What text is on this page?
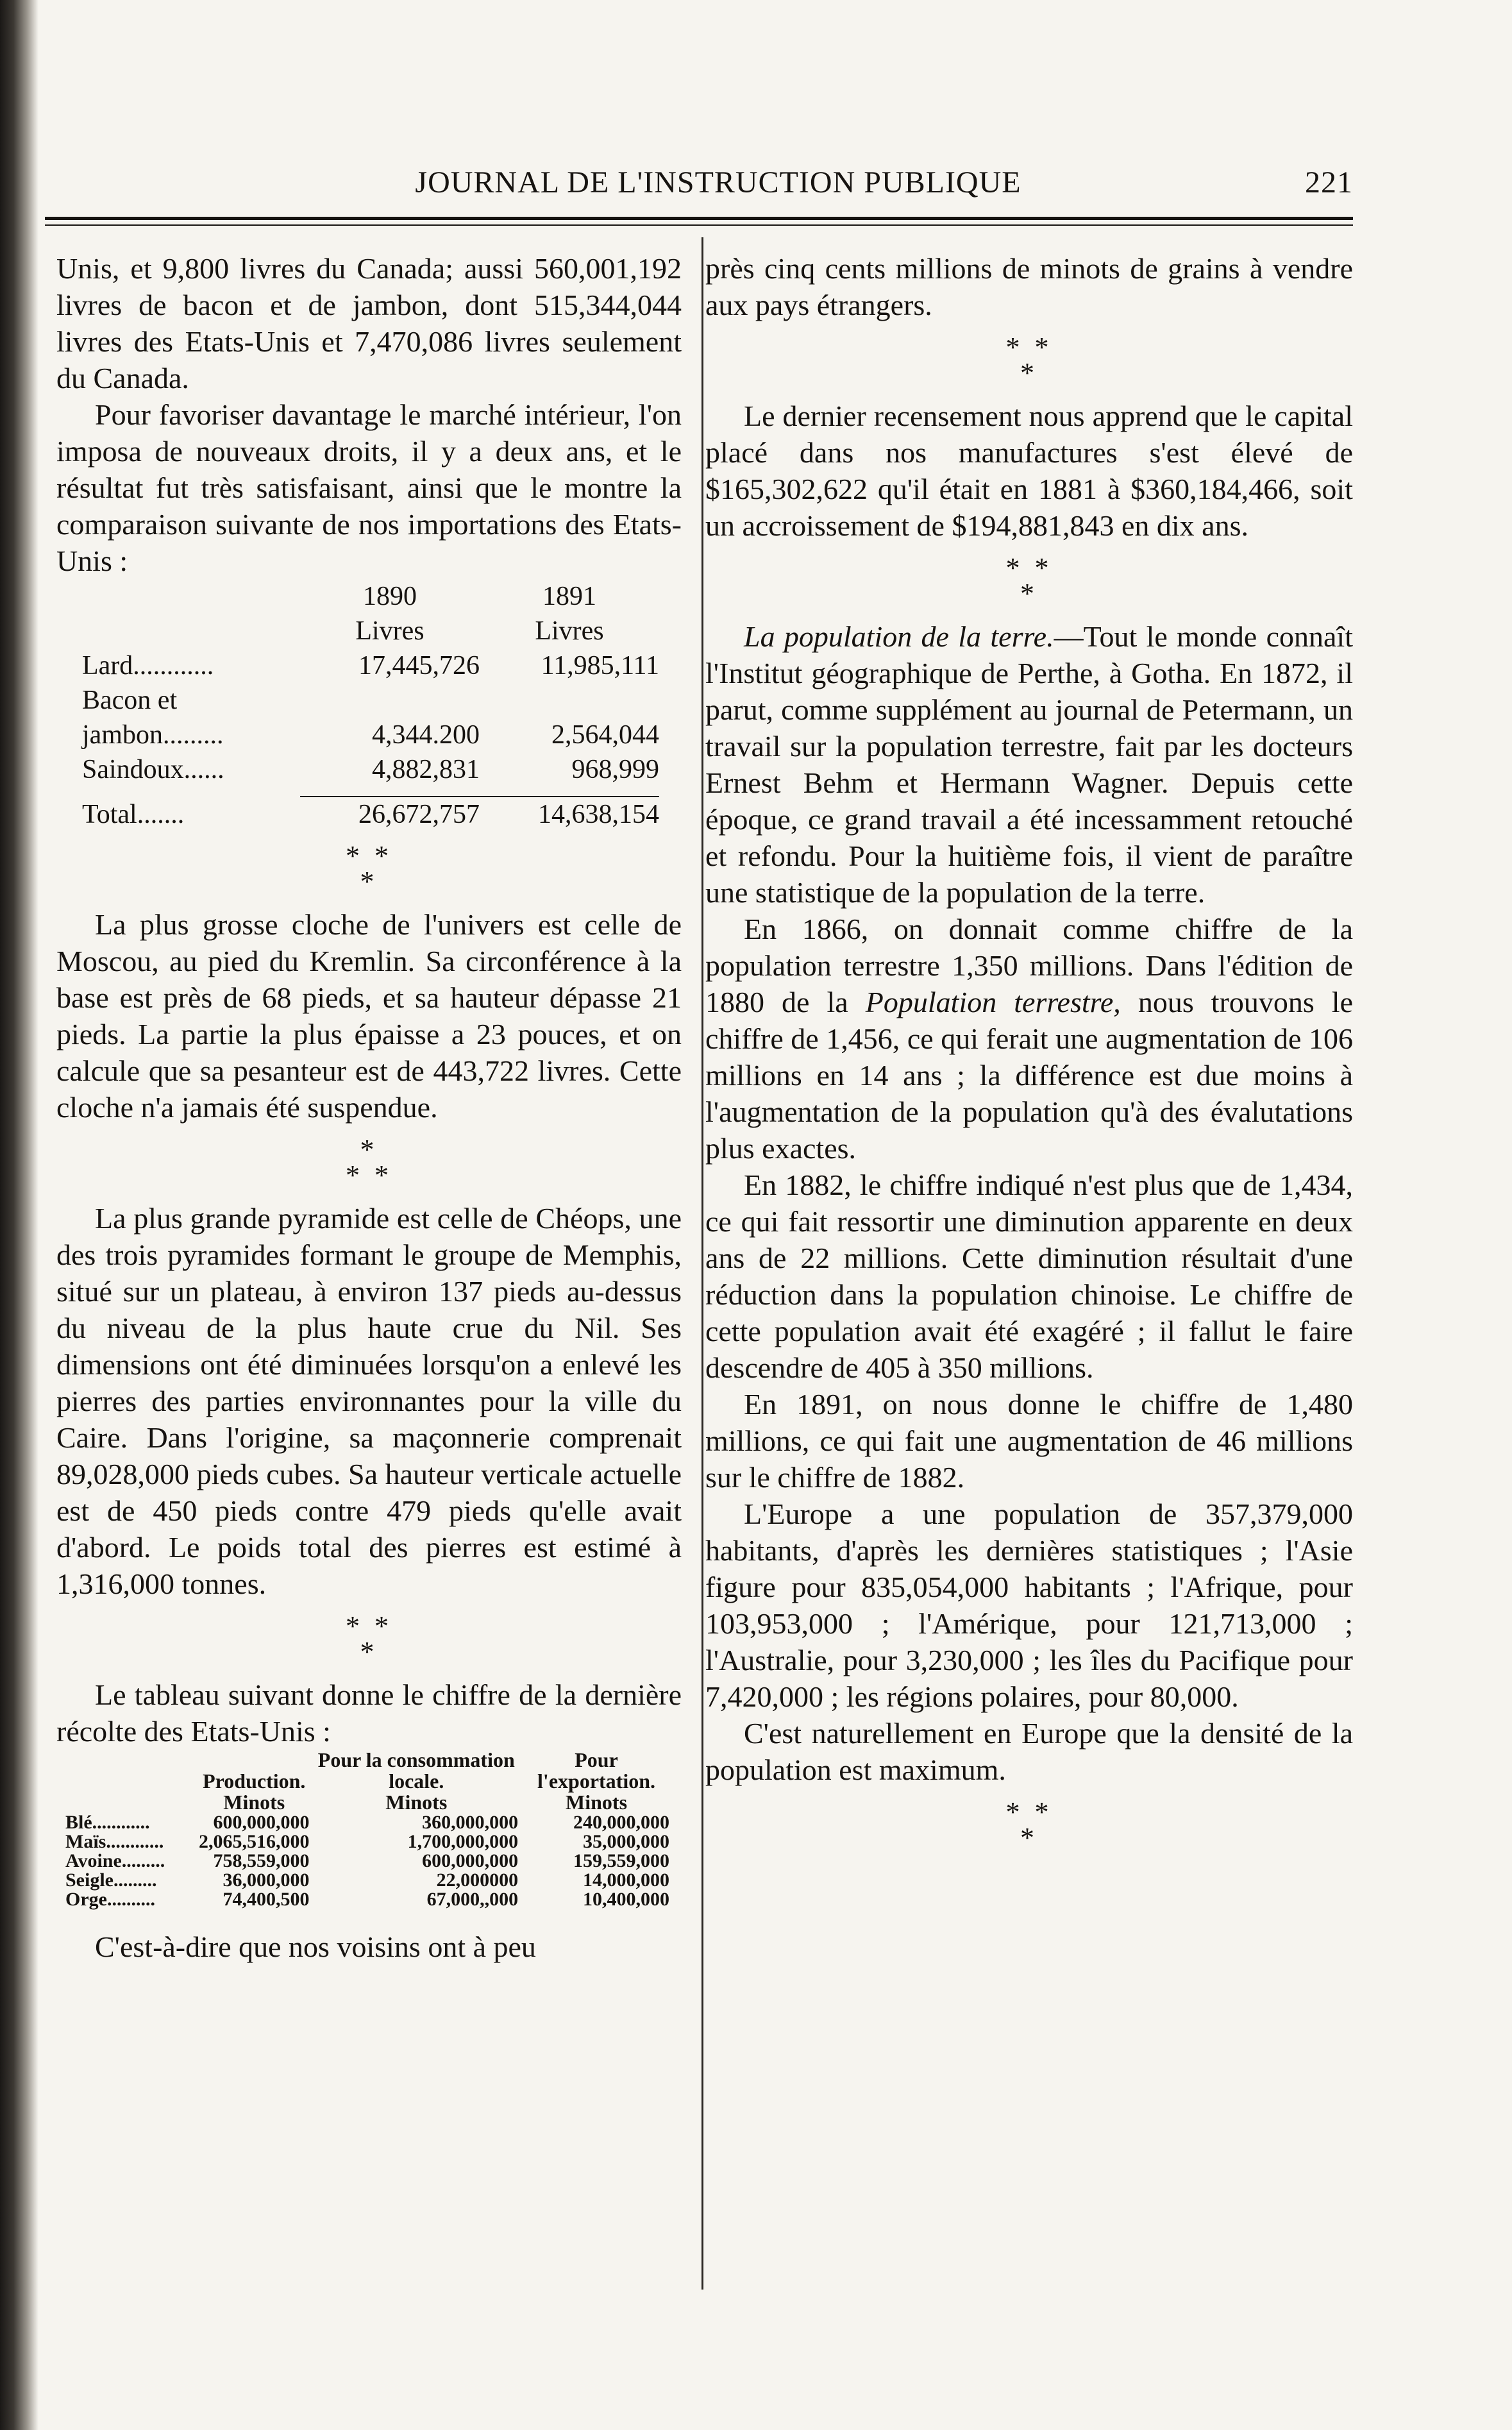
JOURNAL DE L'INSTRUCTION PUBLIQUE	221

Unis, et 9,800 livres du Canada; aussi 560,001,192 livres de bacon et de jambon, dont 515,344,044 livres des Etats-Unis et 7,470,086 livres seulement du Canada.

Pour favoriser davantage le marché intérieur, l'on imposa de nouveaux droits, il y a deux ans, et le résultat fut très satisfaisant, ainsi que le montre la comparaison suivante de nos importations des Etats-Unis :

	1890	1891
	Livres	Livres
Lard............	17,445,726	11,985,111
Bacon et jambon.........	4,344.200	2,564,044
Saindoux......	4,882,831	968,999

Total.......	26,672,757	14,638,154
* *
*

La plus grosse cloche de l'univers est celle de Moscou, au pied du Kremlin. Sa circonférence à la base est près de 68 pieds, et sa hauteur dépasse 21 pieds. La partie la plus épaisse a 23 pouces, et on calcule que sa pesanteur est de 443,722 livres. Cette cloche n'a jamais été suspendue.

*
* *

La plus grande pyramide est celle de Chéops, une des trois pyramides formant le groupe de Memphis, situé sur un plateau, à environ 137 pieds au-dessus du niveau de la plus haute crue du Nil. Ses dimensions ont été diminuées lorsqu'on a enlevé les pierres des parties environnantes pour la ville du Caire. Dans l'origine, sa maçonnerie comprenait 89,028,000 pieds cubes. Sa hauteur verticale actuelle est de 450 pieds contre 479 pieds qu'elle avait d'abord. Le poids total des pierres est estimé à 1,316,000 tonnes.

* *
*

Le tableau suivant donne le chiffre de la dernière récolte des Etats-Unis :

	Production.	Pour la consommation locale.	Pour l'exportation.
	Minots	Minots	Minots
Blé............	600,000,000	360,000,000	240,000,000
Maïs............	2,065,516,000	1,700,000,000	35,000,000
Avoine.........	758,559,000	600,000,000	159,559,000
Seigle.........	36,000,000	22,000000	14,000,000
Orge..........	74,400,500	67,000,,000	10,400,000

C'est-à-dire que nos voisins ont à peu

près cinq cents millions de minots de grains à vendre aux pays étrangers.

* *
*

Le dernier recensement nous apprend que le capital placé dans nos manufactures s'est élevé de $165,302,622 qu'il était en 1881 à $360,184,466, soit un accroissement de $194,881,843 en dix ans.

* *
*

La population de la terre.—Tout le monde connaît l'Institut géographique de Perthe, à Gotha. En 1872, il parut, comme supplément au journal de Petermann, un travail sur la population terrestre, fait par les docteurs Ernest Behm et Hermann Wagner. Depuis cette époque, ce grand travail a été incessamment retouché et refondu. Pour la huitième fois, il vient de paraître une statistique de la population de la terre.

En 1866, on donnait comme chiffre de la population terrestre 1,350 millions. Dans l'édition de 1880 de la Population terrestre, nous trouvons le chiffre de 1,456, ce qui ferait une augmentation de 106 millions en 14 ans ; la différence est due moins à l'augmentation de la population qu'à des évalutations plus exactes.

En 1882, le chiffre indiqué n'est plus que de 1,434, ce qui fait ressortir une diminution apparente en deux ans de 22 millions. Cette diminution résultait d'une réduction dans la population chinoise. Le chiffre de cette population avait été exagéré ; il fallut le faire descendre de 405 à 350 millions.

En 1891, on nous donne le chiffre de 1,480 millions, ce qui fait une augmentation de 46 millions sur le chiffre de 1882.

L'Europe a une population de 357,379,000 habitants, d'après les dernières statistiques ; l'Asie figure pour 835,054,000 habitants ; l'Afrique, pour 103,953,000 ; l'Amérique, pour 121,713,000 ; l'Australie, pour 3,230,000 ; les îles du Pacifique pour 7,420,000 ; les régions polaires, pour 80,000.

C'est naturellement en Europe que la densité de la population est maximum.

* *
*
